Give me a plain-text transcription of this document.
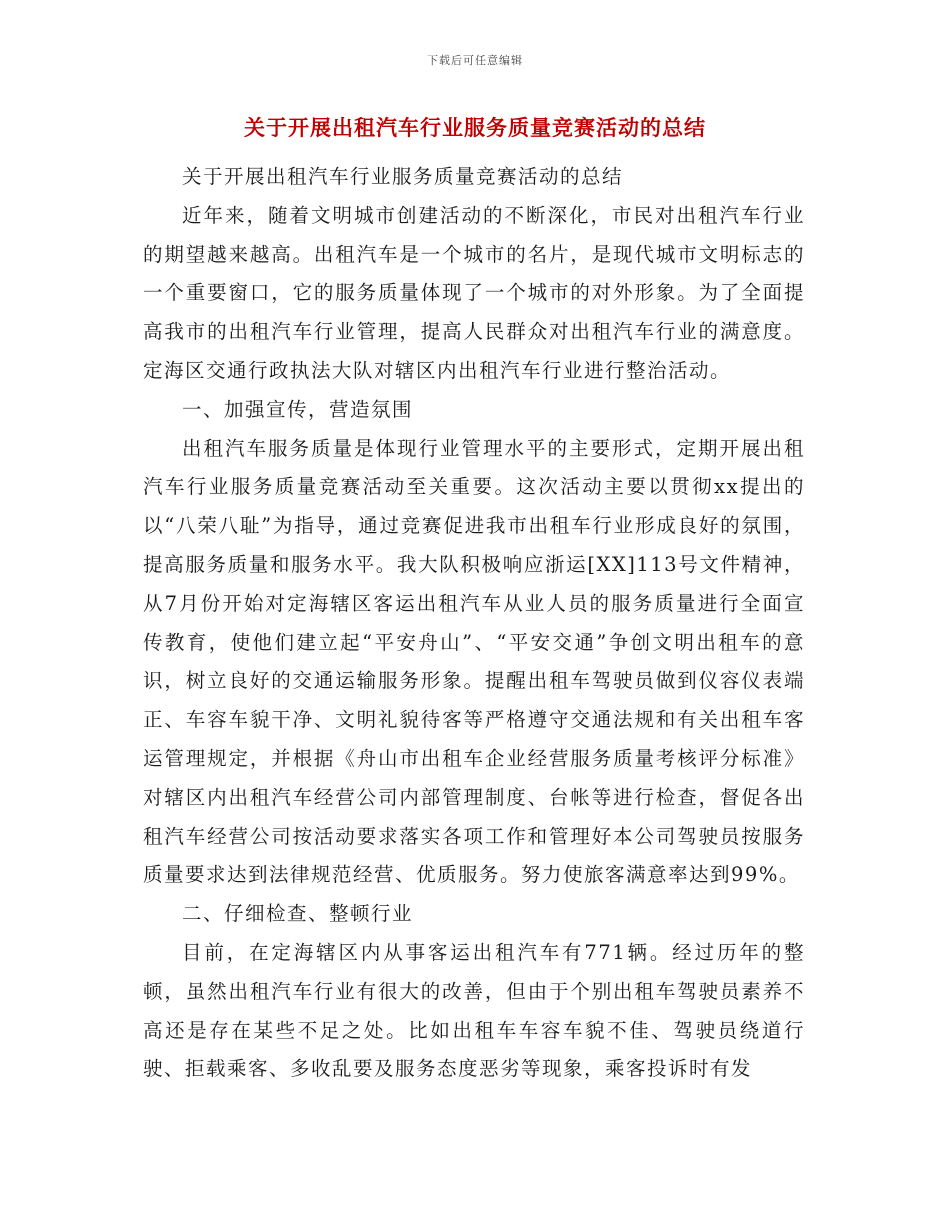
下载后可任意编辑
关于开展出租汽车行业服务质量竞赛活动的总结

关于开展出租汽车行业服务质量竞赛活动的总结

近年来，随着文明城市创建活动的不断深化，市民对出租汽车行业的期望越来越高。出租汽车是一个城市的名片，是现代城市文明标志的一个重要窗口，它的服务质量体现了一个城市的对外形象。为了全面提高我市的出租汽车行业管理，提高人民群众对出租汽车行业的满意度。定海区交通行政执法大队对辖区内出租汽车行业进行整治活动。

一、加强宣传，营造氛围

出租汽车服务质量是体现行业管理水平的主要形式，定期开展出租汽车行业服务质量竞赛活动至关重要。这次活动主要以贯彻xx提出的以“八荣八耻”为指导，通过竞赛促进我市出租车行业形成良好的氛围，提高服务质量和服务水平。我大队积极响应浙运[XX]113号文件精神，从7月份开始对定海辖区客运出租汽车从业人员的服务质量进行全面宣传教育，使他们建立起“平安舟山”、“平安交通”争创文明出租车的意识，树立良好的交通运输服务形象。提醒出租车驾驶员做到仪容仪表端正、车容车貌干净、文明礼貌待客等严格遵守交通法规和有关出租车客运管理规定，并根据《舟山市出租车企业经营服务质量考核评分标准》对辖区内出租汽车经营公司内部管理制度、台帐等进行检查，督促各出租汽车经营公司按活动要求落实各项工作和管理好本公司驾驶员按服务质量要求达到法律规范经营、优质服务。努力使旅客满意率达到99%。

二、仔细检查、整顿行业

目前，在定海辖区内从事客运出租汽车有771辆。经过历年的整顿，虽然出租汽车行业有很大的改善，但由于个别出租车驾驶员素养不高还是存在某些不足之处。比如出租车车容车貌不佳、驾驶员绕道行驶、拒载乘客、多收乱要及服务态度恶劣等现象，乘客投诉时有发
